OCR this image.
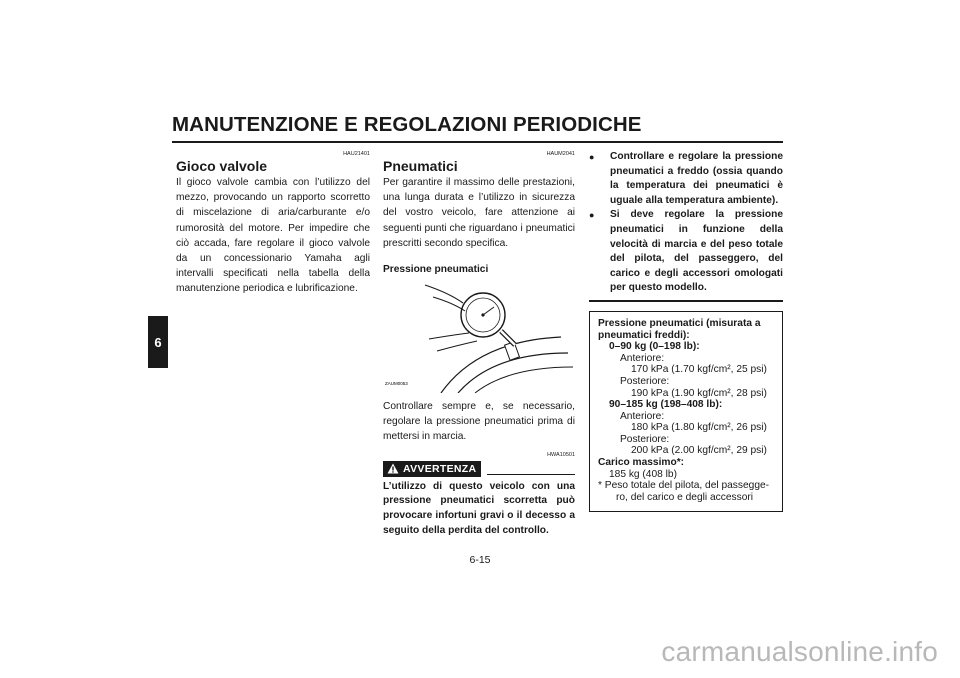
MANUTENZIONE E REGOLAZIONI PERIODICHE
6
HAU21401
Gioco valvole
Il gioco valvole cambia con l’utilizzo del mezzo, provocando un rapporto scorretto di miscelazione di aria/carburante e/o rumorosità del motore. Per impedire che ciò accada, fare regolare il gioco valvole da un concessionario Yamaha agli intervalli specificati nella tabella della manutenzione periodica e lubrificazione.
HAUM2041
Pneumatici
Per garantire il massimo delle prestazioni, una lunga durata e l’utilizzo in sicurezza del vostro veicolo, fare attenzione ai seguenti punti che riguardano i pneumatici prescritti secondo specifica.
Pressione pneumatici
ZAUM0053
Controllare sempre e, se necessario, regolare la pressione pneumatici prima di mettersi in marcia.
HWA10501
AVVERTENZA
L’utilizzo di questo veicolo con una pressione pneumatici scorretta può provocare infortuni gravi o il decesso a seguito della perdita del controllo.
● Controllare e regolare la pressione pneumatici a freddo (ossia quando la temperatura dei pneumatici è uguale alla temperatura ambiente).
● Si deve regolare la pressione pneumatici in funzione della velocità di marcia e del peso totale del pilota, del passeggero, del carico e degli accessori omologati per questo modello.
Pressione pneumatici (misurata a
pneumatici freddi):
0–90 kg (0–198 lb):
Anteriore:
170 kPa (1.70 kgf/cm², 25 psi)
Posteriore:
190 kPa (1.90 kgf/cm², 28 psi)
90–185 kg (198–408 lb):
Anteriore:
180 kPa (1.80 kgf/cm², 26 psi)
Posteriore:
200 kPa (2.00 kgf/cm², 29 psi)
Carico massimo*:
185 kg (408 lb)
* Peso totale del pilota, del passegge-
ro, del carico e degli accessori
6-15
carmanualsonline.info
